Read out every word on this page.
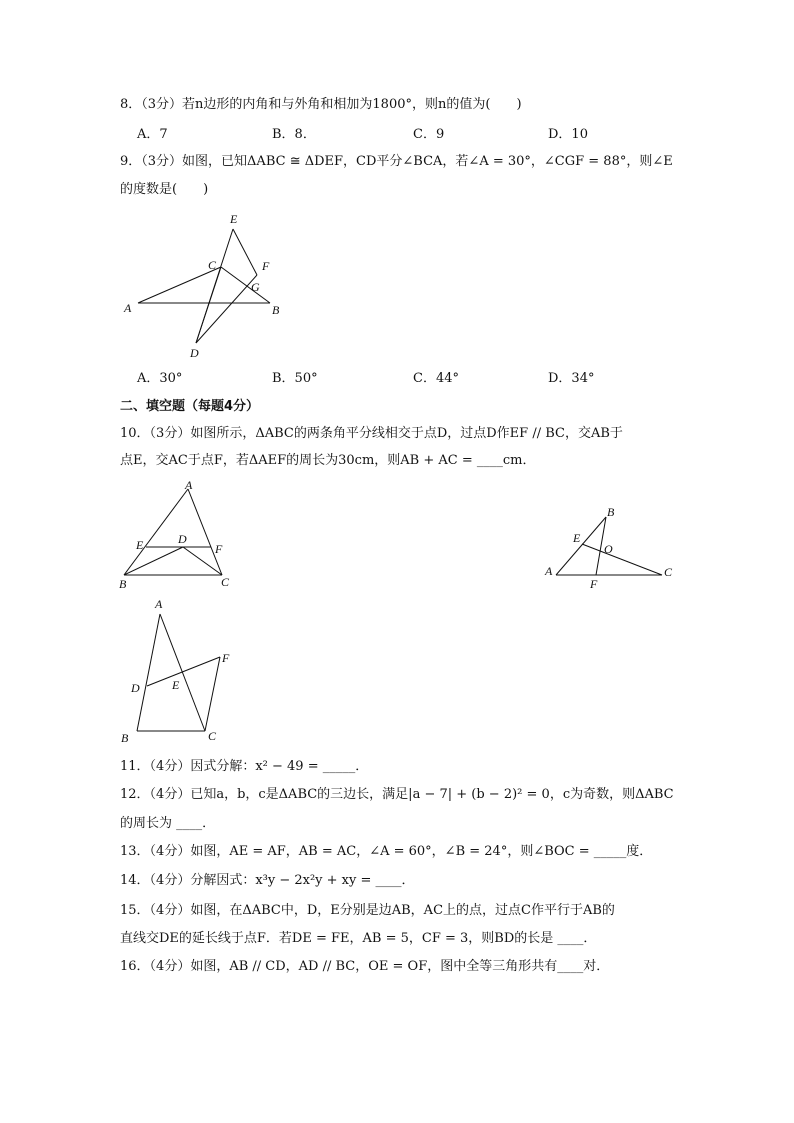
8．（3分）若n边形的内角和与外角和相加为1800°，则n的值为(　　)
A．7	B．8．	C．9	D．10
9．（3分）如图，已知ΔABC ≅ ΔDEF，CD平分∠BCA，若∠A = 30°，∠CGF = 88°，则∠E
的度数是(　　)
E
C	F
G
A	B
D
A．30°	B．50°	C．44°	D．34°
二、填空题（每题4分）
10．（3分）如图所示，ΔABC的两条角平分线相交于点D，过点D作EF // BC，交AB于
点E，交AC于点F，若ΔAEF的周长为30cm，则AB + AC = ____cm．
A
E	D
F
B	C
B
E
O
A
F
C
A
F
D	E
B	C
11．（4分）因式分解：x² − 49 = _____．
12．（4分）已知a，b，c是ΔABC的三边长，满足|a − 7| + (b − 2)² = 0，c为奇数，则ΔABC
的周长为 ____．
13．（4分）如图，AE = AF，AB = AC，∠A = 60°，∠B = 24°，则∠BOC = _____度．
14．（4分）分解因式：x³y − 2x²y + xy = ____．
15．（4分）如图，在ΔABC中，D，E分别是边AB，AC上的点，过点C作平行于AB的
直线交DE的延长线于点F．若DE = FE，AB = 5，CF = 3，则BD的长是 ____．
16．（4分）如图，AB // CD，AD // BC，OE = OF，图中全等三角形共有____对．
